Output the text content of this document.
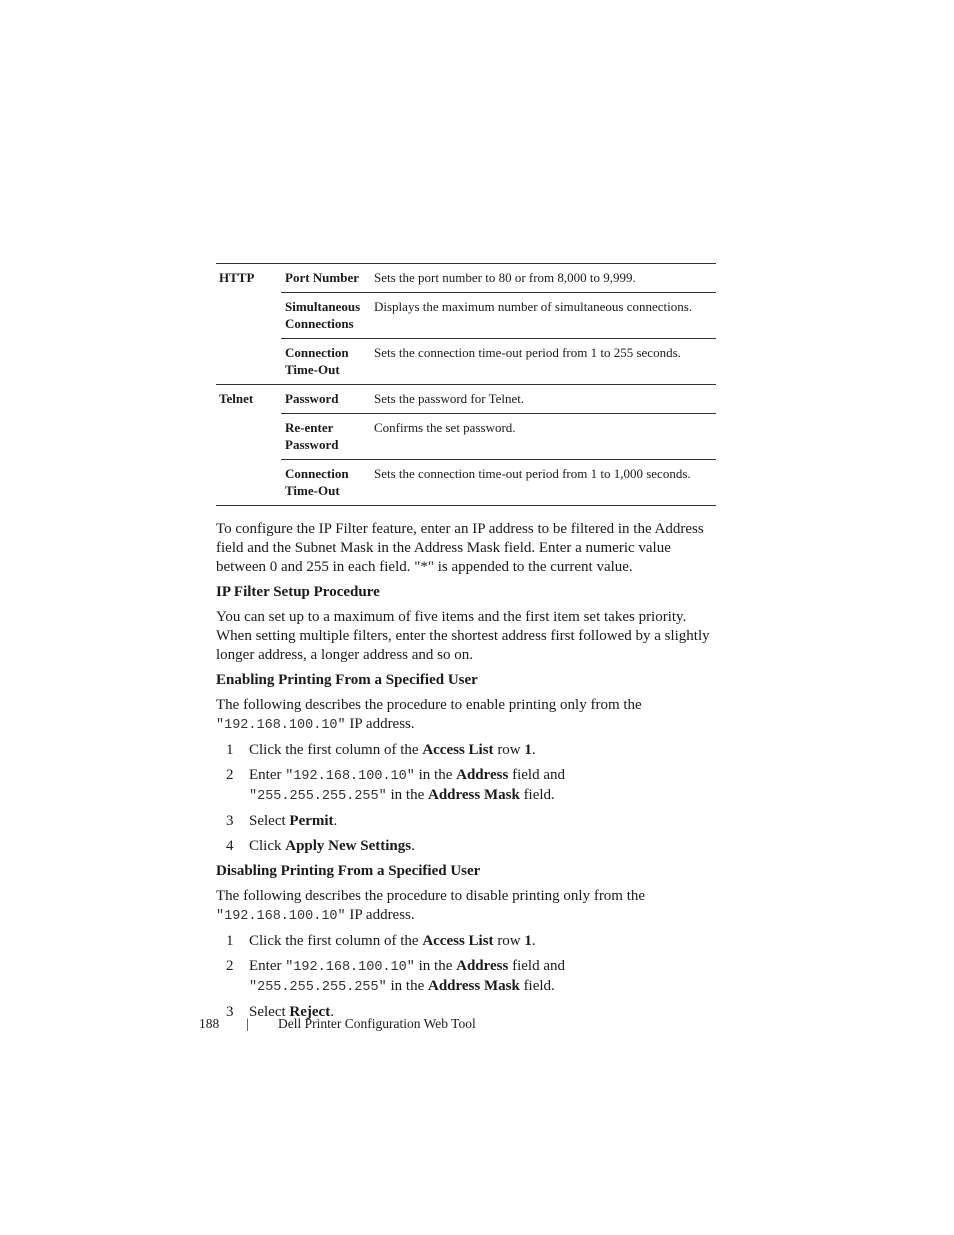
HTTP	Port Number	Sets the port number to 80 or from 8,000 to 9,999.
	Simultaneous Connections	Displays the maximum number of simultaneous connections.
	Connection Time-Out	Sets the connection time-out period from 1 to 255 seconds.
Telnet	Password	Sets the password for Telnet.
	Re-enter Password	Confirms the set password.
	Connection Time-Out	Sets the connection time-out period from 1 to 1,000 seconds.

To configure the IP Filter feature, enter an IP address to be filtered in the Address field and the Subnet Mask in the Address Mask field. Enter a numeric value between 0 and 255 in each field. "*" is appended to the current value.

IP Filter Setup Procedure

You can set up to a maximum of five items and the first item set takes priority. When setting multiple filters, enter the shortest address first followed by a slightly longer address, a longer address and so on.

Enabling Printing From a Specified User

The following describes the procedure to enable printing only from the "192.168.100.10" IP address.

1 Click the first column of the Access List row 1.
2 Enter "192.168.100.10" in the Address field and
"255.255.255.255" in the Address Mask field.
3 Select Permit.
4 Click Apply New Settings.

Disabling Printing From a Specified User

The following describes the procedure to disable printing only from the "192.168.100.10" IP address.

1 Click the first column of the Access List row 1.
2 Enter "192.168.100.10" in the Address field and
"255.255.255.255" in the Address Mask field.
3 Select Reject.
188 | Dell Printer Configuration Web Tool
